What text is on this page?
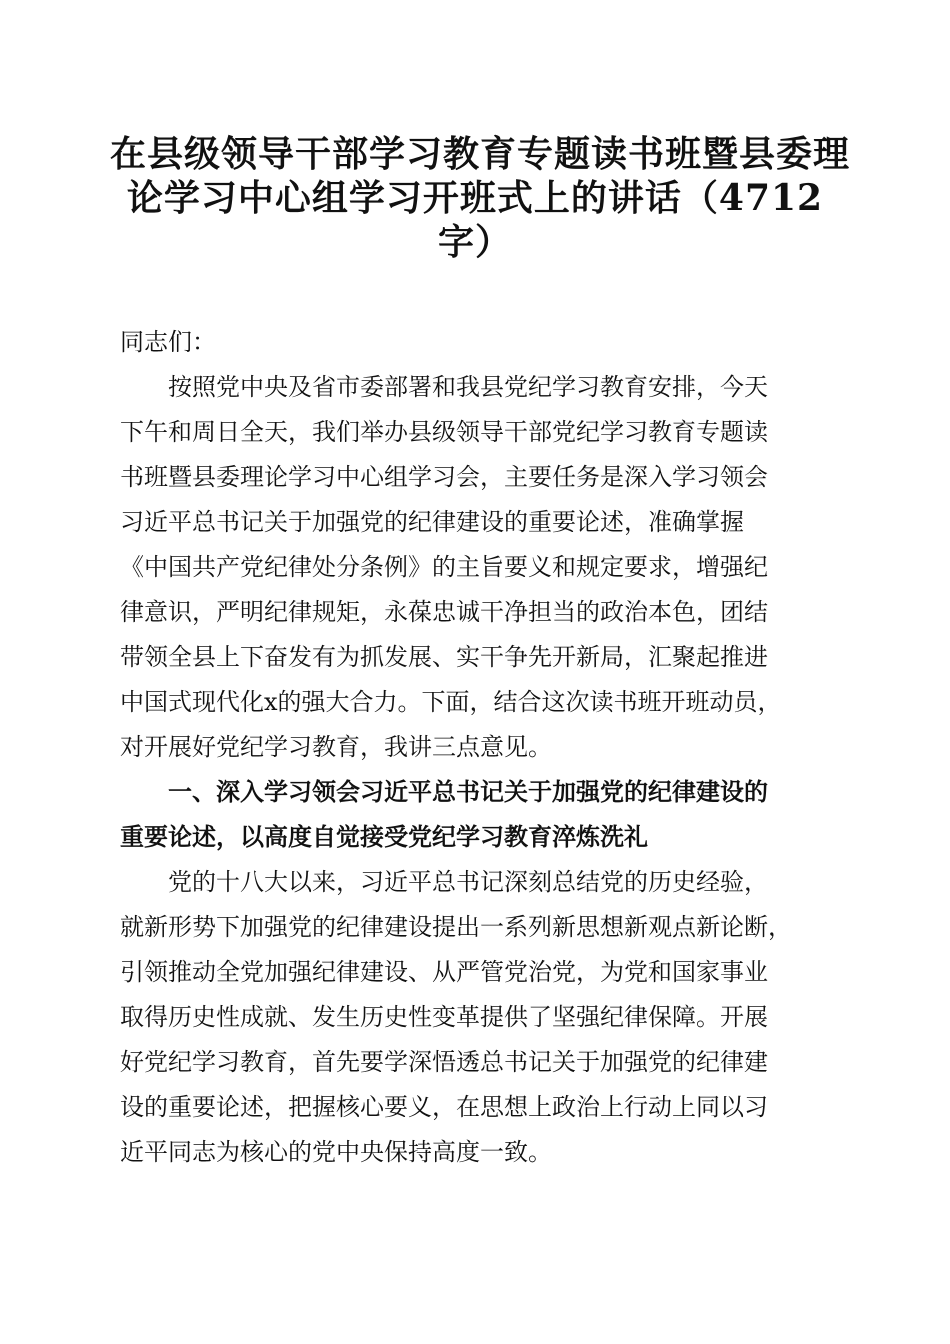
在县级领导干部学习教育专题读书班暨县委理
论学习中心组学习开班式上的讲话（4712
字）
同志们：
按照党中央及省市委部署和我县党纪学习教育安排，今天
下午和周日全天，我们举办县级领导干部党纪学习教育专题读
书班暨县委理论学习中心组学习会，主要任务是深入学习领会
习近平总书记关于加强党的纪律建设的重要论述，准确掌握
《中国共产党纪律处分条例》的主旨要义和规定要求，增强纪
律意识，严明纪律规矩，永葆忠诚干净担当的政治本色，团结
带领全县上下奋发有为抓发展、实干争先开新局，汇聚起推进
中国式现代化x的强大合力。下面，结合这次读书班开班动员，
对开展好党纪学习教育，我讲三点意见。
一、深入学习领会习近平总书记关于加强党的纪律建设的
重要论述，以高度自觉接受党纪学习教育淬炼洗礼
党的十八大以来，习近平总书记深刻总结党的历史经验，
就新形势下加强党的纪律建设提出一系列新思想新观点新论断，
引领推动全党加强纪律建设、从严管党治党，为党和国家事业
取得历史性成就、发生历史性变革提供了坚强纪律保障。开展
好党纪学习教育，首先要学深悟透总书记关于加强党的纪律建
设的重要论述，把握核心要义，在思想上政治上行动上同以习
近平同志为核心的党中央保持高度一致。
